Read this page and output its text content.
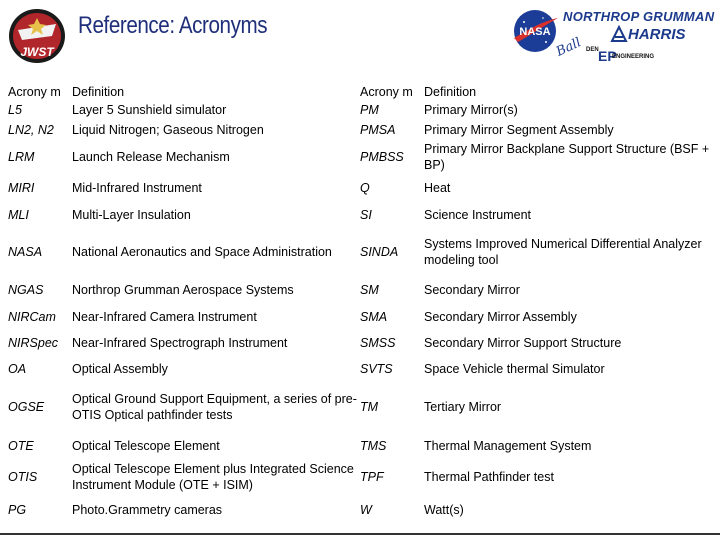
JWST
Reference: Acronyms	NASA
NORTHROP GRUMMAN
HARRIS
Ball DEN EP
ENGINEERING
Acrony m	Definition	Acrony m	Definition
L5	Layer 5 Sunshield simulator	PM	Primary Mirror(s)
LN2, N2	Liquid Nitrogen; Gaseous Nitrogen	PMSA	Primary Mirror Segment Assembly
LRM	Launch Release Mechanism	PMBSS	Primary Mirror Backplane Support Structure (BSF + BP)
MIRI	Mid-Infrared Instrument	Q	Heat
MLI	Multi-Layer Insulation	SI	Science Instrument
NASA	National Aeronautics and Space Administration	SINDA	Systems Improved Numerical Differential Analyzer modeling tool
NGAS	Northrop Grumman Aerospace Systems	SM	Secondary Mirror
NIRCam	Near-Infrared Camera Instrument	SMA	Secondary Mirror Assembly
NIRSpec	Near-Infrared Spectrograph Instrument	SMSS	Secondary Mirror Support Structure
OA	Optical Assembly	SVTS	Space Vehicle thermal Simulator
OGSE	Optical Ground Support Equipment, a series of pre-OTIS Optical pathfinder tests	TM	Tertiary Mirror
OTE	Optical Telescope Element	TMS	Thermal Management System
OTIS	Optical Telescope Element plus Integrated Science Instrument Module (OTE + ISIM)	TPF	Thermal Pathfinder test
PG	Photo.Grammetry cameras	W	Watt(s)
